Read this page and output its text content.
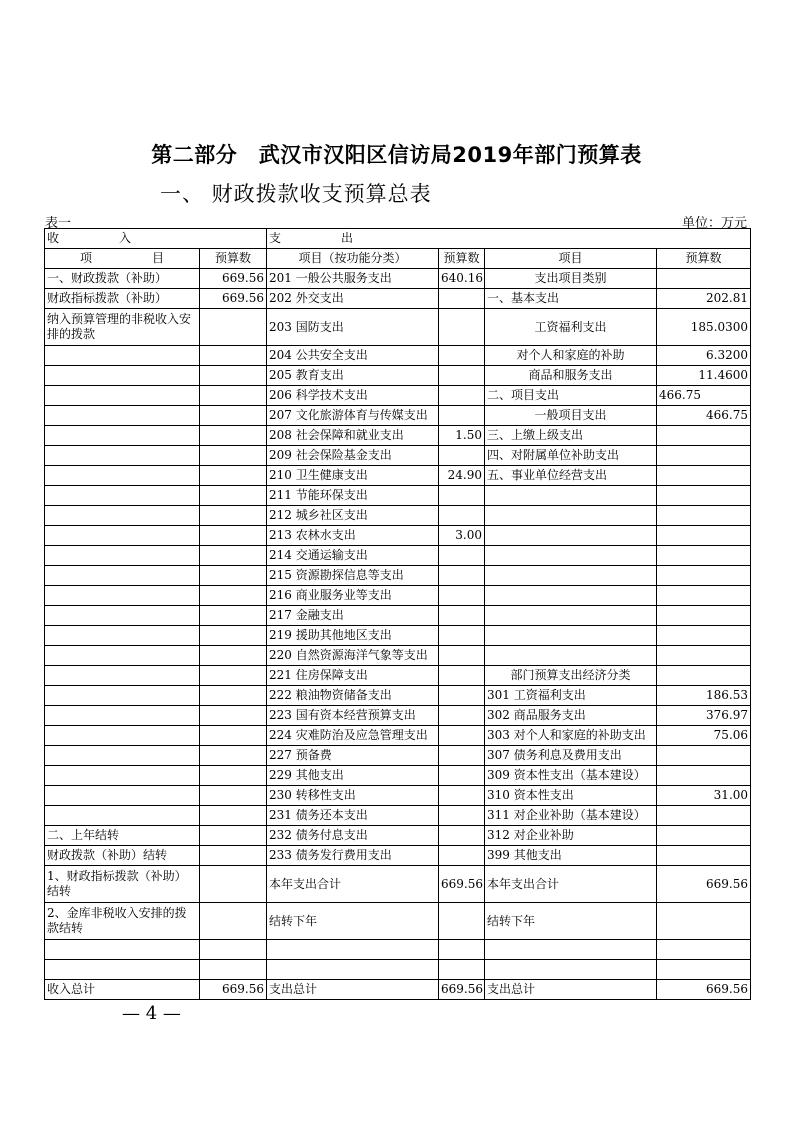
第二部分　武汉市汉阳区信访局2019年部门预算表
一、 财政拨款收支预算总表
表一	单位：万元
收　　　　　入		支　　　　　出			
项　　　　　目	预算数	项目（按功能分类）	预算数	项目	预算数
一、财政拨款（补助）	669.56	201 一般公共服务支出	640.16	支出项目类别	
财政指标拨款（补助）	669.56	202 外交支出		一、基本支出	202.81
纳入预算管理的非税收入安排的拨款		203 国防支出		工资福利支出	185.0300
		204 公共安全支出		对个人和家庭的补助	6.3200
		205 教育支出		商品和服务支出	11.4600
		206 科学技术支出		二、项目支出	466.75
		207 文化旅游体育与传媒支出		一般项目支出	466.75
		208 社会保障和就业支出	1.50	三、上缴上级支出	
		209 社会保险基金支出		四、对附属单位补助支出	
		210 卫生健康支出	24.90	五、事业单位经营支出	
		211 节能环保支出			
		212 城乡社区支出			
		213 农林水支出	3.00		
		214 交通运输支出			
		215 资源勘探信息等支出			
		216 商业服务业等支出			
		217 金融支出			
		219 援助其他地区支出			
		220 自然资源海洋气象等支出			
		221 住房保障支出		部门预算支出经济分类	
		222 粮油物资储备支出		301 工资福利支出	186.53
		223 国有资本经营预算支出		302 商品服务支出	376.97
		224 灾难防治及应急管理支出		303 对个人和家庭的补助支出	75.06
		227 预备费		307 债务利息及费用支出	
		229 其他支出		309 资本性支出（基本建设）	
		230 转移性支出		310 资本性支出	31.00
		231 债务还本支出		311 对企业补助（基本建设）	
二、上年结转		232 债务付息支出		312 对企业补助	
财政拨款（补助）结转		233 债务发行费用支出		399 其他支出	
1、财政指标拨款（补助）结转		本年支出合计	669.56	本年支出合计	669.56
2、金库非税收入安排的拨款结转		结转下年		结转下年	

收入总计	669.56	支出总计	669.56	支出总计	669.56
— 4 —
